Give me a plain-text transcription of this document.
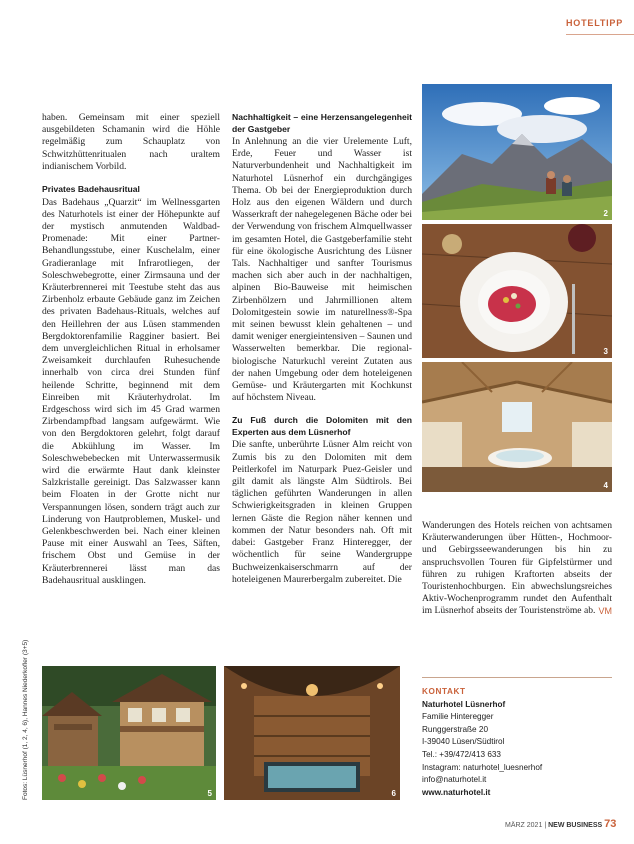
HOTELTIPP

haben. Gemeinsam mit einer speziell ausgebildeten Schamanin wird die Höhle regelmäßig zum Schauplatz von Schwitzhüttenritualen nach uraltem indianischem Vorbild.

Privates Badehausritual

Das Badehaus „Quarzit“ im Wellnessgarten des Naturhotels ist einer der Höhepunkte auf der mystisch anmutenden Waldbad-Promenade: Mit einer Partner-Behandlungsstube, einer Kuschelalm, einer Gradieranlage mit Infrarotliegen, der Soleschwebegrotte, einer Zirmsauna und der Kräuterbrennerei mit Teestube steht das aus Zirbenholz erbaute Gebäude ganz im Zeichen des privaten Badehaus-Rituals, welches auf den Heillehren der aus Lüsen stammenden Bergdoktorenfamilie Ragginer basiert. Bei dem unvergleichlichen Ritual in erholsamer Zweisamkeit durchlaufen Ruhesuchende innerhalb von circa drei Stunden fünf heilende Schritte, beginnend mit dem Einreiben mit Kräuterhydrolat. Im Erdgeschoss wird sich im 45 Grad warmen Zirbendampfbad langsam aufgewärmt. Wie von den Bergdoktoren gelehrt, folgt darauf die Abkühlung im Wasser. Im Soleschwebebecken mit Unterwassermusik wird die erwärmte Haut dank kleinster Salzkristalle gereinigt. Das Salzwasser kann beim Floaten in der Grotte nicht nur Verspannungen lösen, sondern trägt auch zur Linderung von Hautproblemen, Muskel- und Gelenkbeschwerden bei. Nach einer kleinen Pause mit einer Auswahl an Tees, Säften, frischem Obst und Gemüse in der Kräuterbrennerei lässt man das Badehausritual ausklingen.

Nachhaltigkeit – eine Herzensangelegenheit der Gastgeber

In Anlehnung an die vier Urelemente Luft, Erde, Feuer und Wasser ist Naturverbundenheit und Nachhaltigkeit im Naturhotel Lüsnerhof ein durchgängiges Thema. Ob bei der Energieproduktion durch Holz aus den eigenen Wäldern und durch Wasserkraft der nahegelegenen Bäche oder bei der Verwendung von frischem Almquellwasser im gesamten Hotel, die Gastgeberfamilie steht für eine ökologische Ausrichtung des Lüsner Tals. Nachhaltiger und sanfter Tourismus machen sich aber auch in der nachhaltigen, alpinen Bio-Bauweise mit heimischen Zirbenhölzern und Jahrmillionen altem Dolomitgestein sowie im naturellness®-Spa mit seinen bewusst klein gehaltenen – und damit weniger energieintensiven – Saunen und Wasserwelten bemerkbar. Die regional-biologische Naturkuchl vereint Zutaten aus der nahen Umgebung oder dem hoteleigenen Gemüse- und Kräutergarten mit Kochkunst auf höchstem Niveau.

Zu Fuß durch die Dolomiten mit den Experten aus dem Lüsnerhof

Die sanfte, unberührte Lüsner Alm reicht von Zumis bis zu den Dolomiten mit dem Peitlerkofel im Naturpark Puez-Geisler und gilt damit als längste Alm Südtirols. Bei täglichen geführten Wanderungen in allen Schwierigkeitsgraden in kleinen Gruppen lernen Gäste die Region näher kennen und kommen der Natur besonders nah. Oft mit dabei: Gastgeber Franz Hinteregger, der wöchentlich für seine Wandergruppe Buchweizenkaiserschmarrn auf der hoteleigenen Maurerbergalm zubereitet. Die

Wanderungen des Hotels reichen von achtsamen Kräuterwanderungen über Hütten-, Hochmoor- und Gebirgsseewanderungen bis hin zu anspruchsvollen Touren für Gipfelstürmer und führen zu ruhigen Kraftorten abseits der Touristenhochburgen. Ein abwechslungsreiches Aktiv-Wochenprogramm rundet den Aufenthalt im Lüsnerhof abseits der Touristenströme ab. VM

2
3
4
5	6
Fotos: Lüsnerhof (1, 2, 4, 6), Hannes Niederkofler (3+5)	KONTAKT
Naturhotel Lüsnerhof
Familie Hinteregger
Runggerstraße 20
I-39040 Lüsen/Südtirol
Tel.: +39/472/413 633
Instagram: naturhotel_luesnerhof
info@naturhotel.it
www.naturhotel.it
MÄRZ 2021 | NEW BUSINESS 73
